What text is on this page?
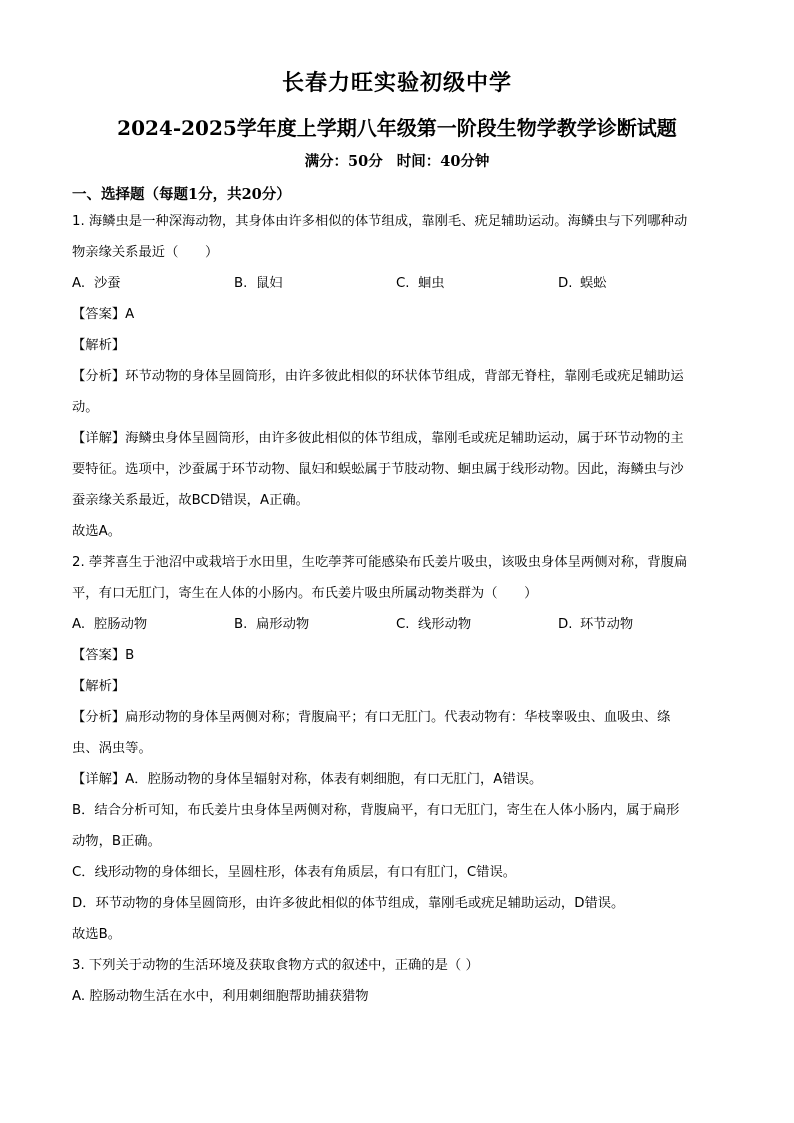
长春力旺实验初级中学
2024-2025学年度上学期八年级第一阶段生物学教学诊断试题
满分：50分 时间：40分钟
一、选择题（每题1分，共20分）
1. 海鳞虫是一种深海动物，其身体由许多相似的体节组成，靠刚毛、疣足辅助运动。海鳞虫与下列哪种动
物亲缘关系最近（　　）
A. 沙蚕	B. 鼠妇	C. 蛔虫	D. 蜈蚣
【答案】A
【解析】
【分析】环节动物的身体呈圆筒形，由许多彼此相似的环状体节组成，背部无脊柱，靠刚毛或疣足辅助运
动。
【详解】海鳞虫身体呈圆筒形，由许多彼此相似的体节组成，靠刚毛或疣足辅助运动，属于环节动物的主
要特征。选项中，沙蚕属于环节动物、鼠妇和蜈蚣属于节肢动物、蛔虫属于线形动物。因此，海鳞虫与沙
蚕亲缘关系最近，故BCD错误，A正确。
故选A。
2. 荸荠喜生于池沼中或栽培于水田里，生吃荸荠可能感染布氏姜片吸虫，该吸虫身体呈两侧对称，背腹扁
平，有口无肛门，寄生在人体的小肠内。布氏姜片吸虫所属动物类群为（　　）
A. 腔肠动物	B. 扁形动物	C. 线形动物	D. 环节动物
【答案】B
【解析】
【分析】扁形动物的身体呈两侧对称；背腹扁平；有口无肛门。代表动物有：华枝睾吸虫、血吸虫、绦
虫、涡虫等。
【详解】A．腔肠动物的身体呈辐射对称，体表有刺细胞，有口无肛门，A错误。
B．结合分析可知，布氏姜片虫身体呈两侧对称，背腹扁平，有口无肛门，寄生在人体小肠内，属于扁形
动物，B正确。
C．线形动物的身体细长，呈圆柱形，体表有角质层，有口有肛门，C错误。
D．环节动物的身体呈圆筒形，由许多彼此相似的体节组成，靠刚毛或疣足辅助运动，D错误。
故选B。
3. 下列关于动物的生活环境及获取食物方式的叙述中，正确的是（ ）
A. 腔肠动物生活在水中，利用刺细胞帮助捕获猎物
